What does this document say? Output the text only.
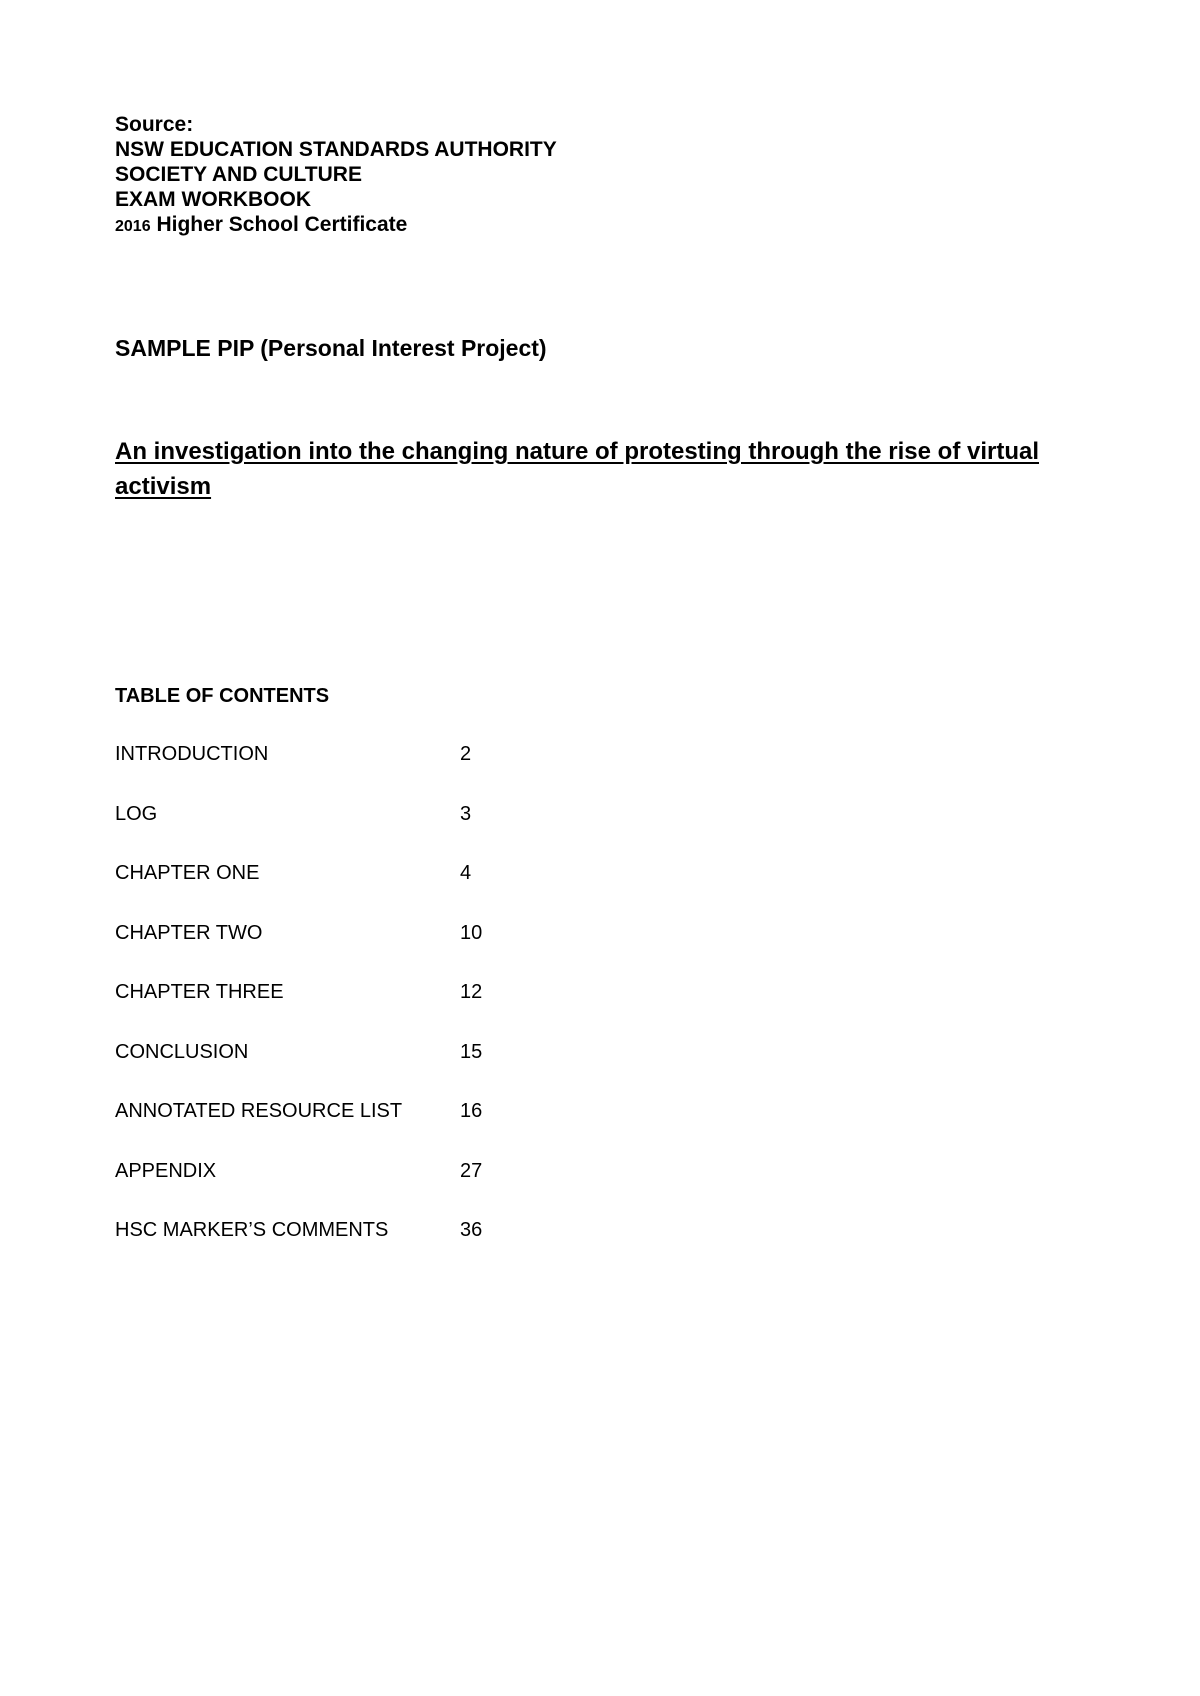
Source:
NSW EDUCATION STANDARDS AUTHORITY
SOCIETY AND CULTURE
EXAM WORKBOOK
2016 Higher School Certificate
SAMPLE PIP (Personal Interest Project)
An investigation into the changing nature of protesting through the rise of virtual
activism
TABLE OF CONTENTS
INTRODUCTION	2
LOG	3
CHAPTER ONE	4
CHAPTER TWO	10
CHAPTER THREE	12
CONCLUSION	15
ANNOTATED RESOURCE LIST	16
APPENDIX	27
HSC MARKER’S COMMENTS	36
